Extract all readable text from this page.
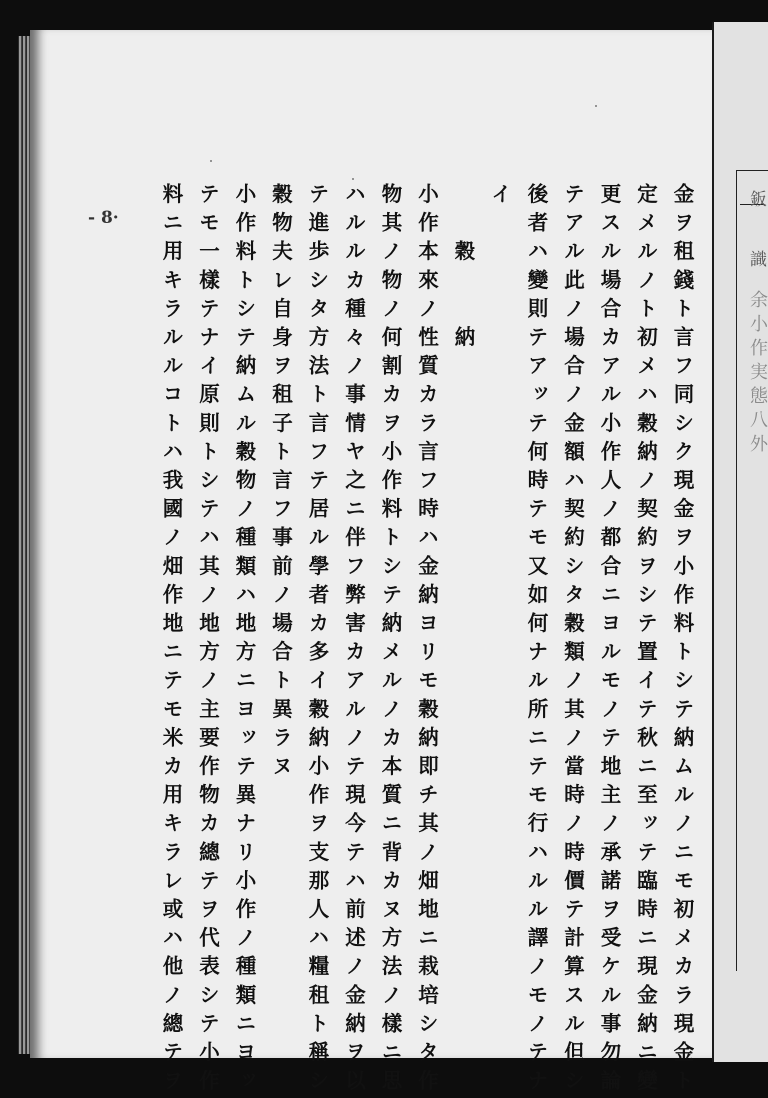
鈑
識
余小作実態八外
金ヲ租錢ト言フ同シク現金ヲ小作料トシテ納ムルノニモ初メカラ現金ト
定メルノト初メハ穀納ノ契約ヲシテ置イテ秋ニ至ッテ臨時ニ現金納ニ變
更スル場合カアル小作人ノ都合ニヨルモノテ地主ノ承諾ヲ受ケル事勿論
テアル此ノ場合ノ金額ハ契約シタ穀類ノ其ノ當時ノ時價テ計算スル但シ
後者ハ變則テアッテ何時テモ又如何ナル所ニテモ行ハルル譯ノモノテナ
イ
　　穀　　納
小作本來ノ性質カラ言フ時ハ金納ヨリモ穀納即チ其ノ畑地ニ栽培シタ作
物其ノ物ノ何割カヲ小作料トシテ納メルノカ本質ニ背カヌ方法ノ樣ニ思
ハルルカ種々ノ事情ヤ之ニ伴フ弊害カアルノテ現今テハ前述ノ金納ヲ以
テ進歩シタ方法ト言フテ居ル學者カ多イ穀納小作ヲ支那人ハ糧租ト稱シ
穀物夫レ自身ヲ租子ト言フ事前ノ場合ト異ラヌ
小作料トシテ納ムル穀物ノ種類ハ地方ニヨッテ異ナリ小作ノ種類ニヨッ
テモ一樣テナイ原則トシテハ其ノ地方ノ主要作物カ總テヲ代表シテ小作
料ニ用キラルルコトハ我國ノ畑作地ニテモ米カ用キラレ或ハ他ノ總テヲ
- 8·
